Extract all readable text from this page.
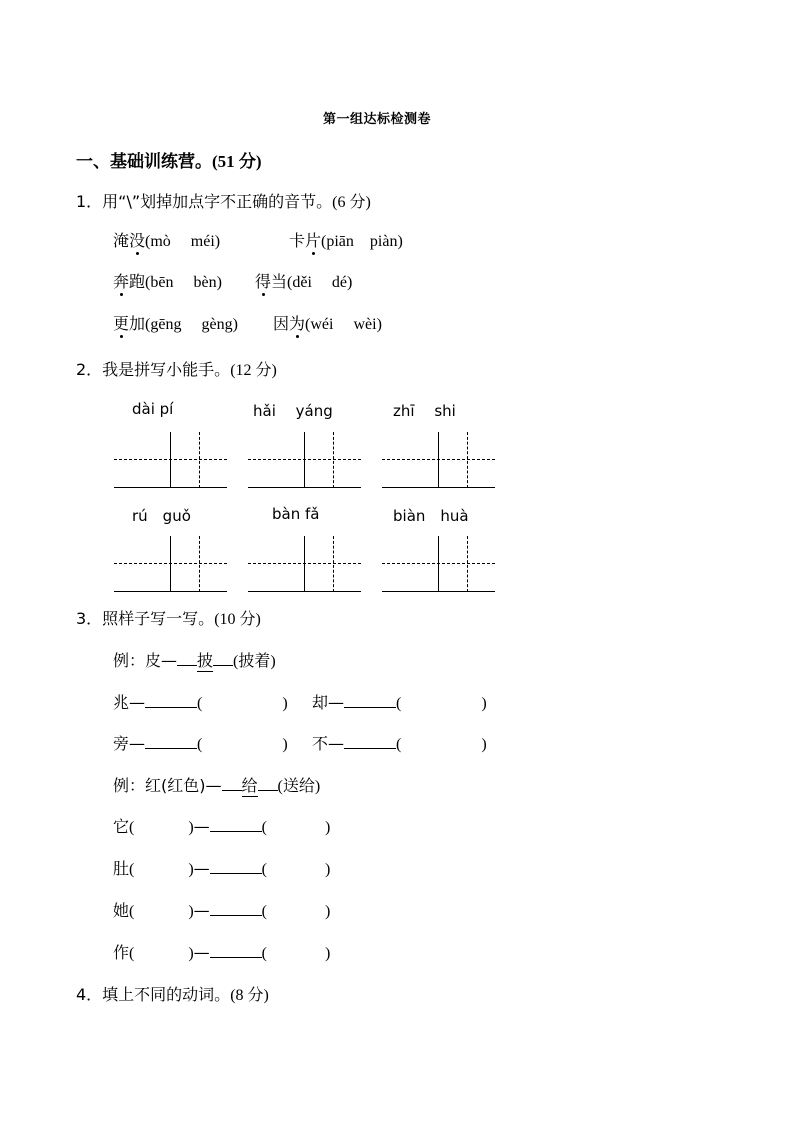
第一组达标检测卷
一、基础训练营。(51 分)
1．用“\”划掉加点字不正确的音节。(6 分)
淹没(mò　 méi)	卡片(piān　piàn)
奔跑(bēn　 bèn) 得当(děi　 dé)
更加(gēng　 gèng) 因为(wéi　 wèi)
2．我是拼写小能手。(12 分)
dài pí	hǎi　 yáng	zhī　 shi
rú　guǒ	bàn fǎ	biàn　huà
3．照样子写一写。(10 分)
例：皮— 披 (披着)
兆—	(	) 却—	(	)
旁—	(	) 不—	(	)
例：红(红色)— 给 (送给)
它(	)—	(	)
肚(	)—	(	)
她(	)—	(	)
作(	)—	(	)
4．填上不同的动词。(8 分)
